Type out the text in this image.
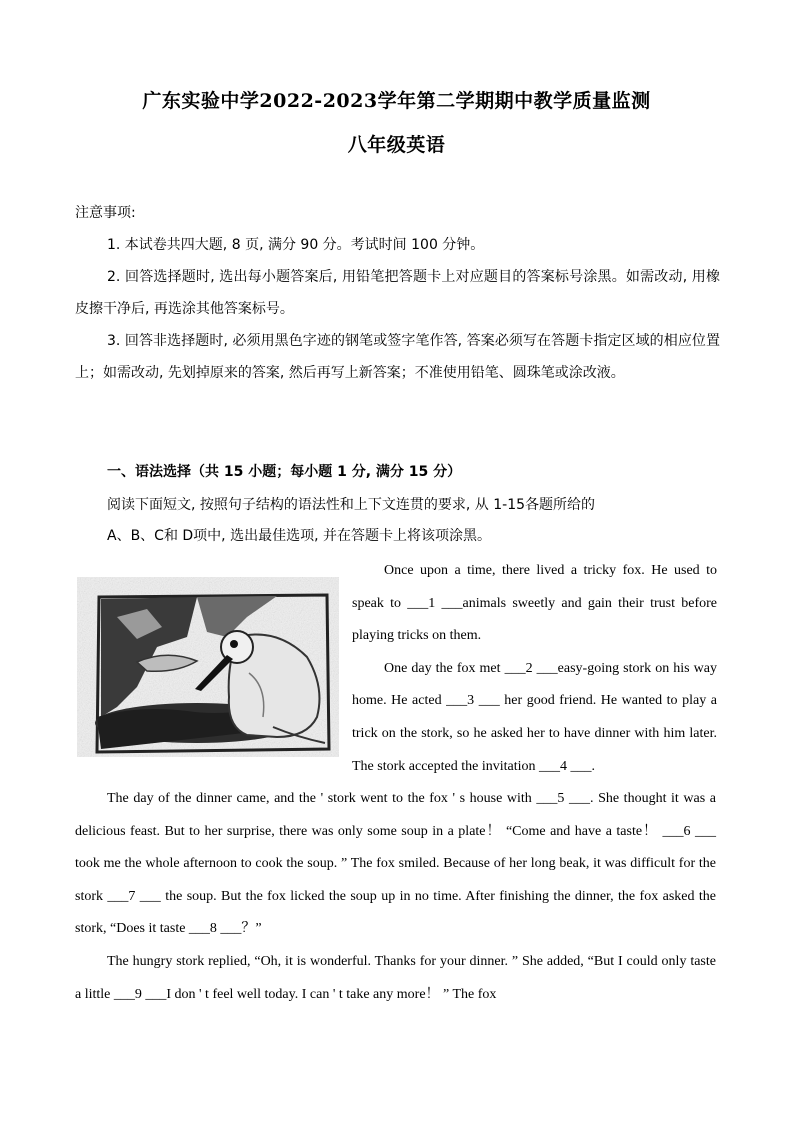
广东实验中学2022-2023学年第二学期期中教学质量监测
八年级英语
注意事项:
1. 本试卷共四大题, 8 页, 满分 90 分。考试时间 100 分钟。
2. 回答选择题时, 选出每小题答案后, 用铅笔把答题卡上对应题目的答案标号涂黑。如需改动, 用橡皮擦干净后, 再选涂其他答案标号。
3. 回答非选择题时, 必须用黑色字迹的钢笔或签字笔作答, 答案必须写在答题卡指定区域的相应位置上；如需改动, 先划掉原来的答案, 然后再写上新答案；不准使用铅笔、圆珠笔或涂改液。
一、语法选择（共 15 小题；每小题 1 分, 满分 15 分）
阅读下面短文, 按照句子结构的语法性和上下文连贯的要求, 从 1-15各题所给的
A、B、C和 D项中, 选出最佳选项, 并在答题卡上将该项涂黑。

Once upon a time, there lived a tricky fox. He used to speak to ___1 ___animals sweetly and gain their trust before playing tricks on them.

One day the fox met ___2 ___easy-going stork on his way home. He acted ___3 ___ her good friend. He wanted to play a trick on the stork, so he asked her to have dinner with him later. The stork accepted the invitation ___4 ___.

The day of the dinner came, and the ' stork went to the fox ' s house with ___5 ___. She thought it was a delicious feast. But to her surprise, there was only some soup in a plate！ “Come and have a taste！ ___6 ___ took me the whole afternoon to cook the soup. ” The fox smiled. Because of her long beak, it was difficult for the stork ___7 ___ the soup. But the fox licked the soup up in no time. After finishing the dinner, the fox asked the stork, “Does it taste ___8 ___？”

The hungry stork replied, “Oh, it is wonderful. Thanks for your dinner. ” She added, “But I could only taste a little ___9 ___I don ' t feel well today. I can ' t take any more！ ” The fox
